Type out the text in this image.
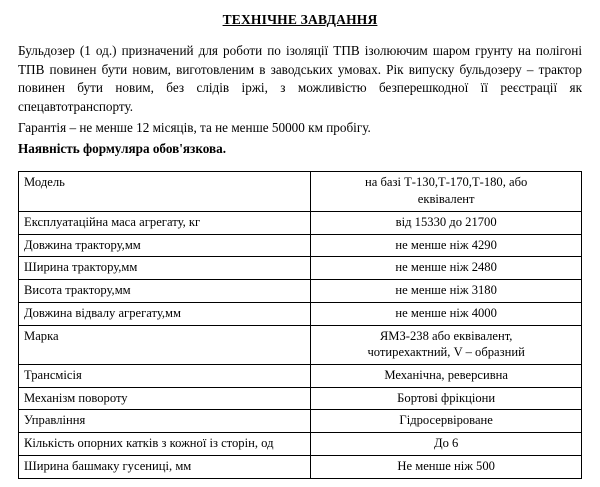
ТЕХНІЧНЕ ЗАВДАННЯ

Бульдозер (1 од.) призначений для роботи по ізоляції ТПВ ізолюючим шаром грунту на полігоні ТПВ повинен бути новим, виготовленим в заводських умовах. Рік випуску бульдозеру – трактор повинен бути новим, без слідів іржі, з можливістю безперешкодної її реєстрації як спецавтотранспорту.

Гарантія – не менше 12 місяців, та не менше 50000 км пробігу.

Наявність формуляра обов'язкова.

Модель	на базі Т-130,Т-170,Т-180, або
еквівалент

Експлуатаційна маса агрегату, кг	від 15330 до 21700
Довжина трактору,мм	не менше ніж 4290
Ширина трактору,мм	не менше ніж 2480
Висота трактору,мм	не менше ніж 3180
Довжина відвалу агрегату,мм	не менше ніж 4000
Марка	ЯМЗ-238 або еквівалент,
чотирехактний, V – образний

Трансмісія	Механічна, реверсивна
Механізм повороту	Бортові фрікціони
Управління	Гідросервіроване
Кількість опорних катків з кожної із сторін, од	До 6
Ширина башмаку гусениці, мм	Не менше ніж 500
